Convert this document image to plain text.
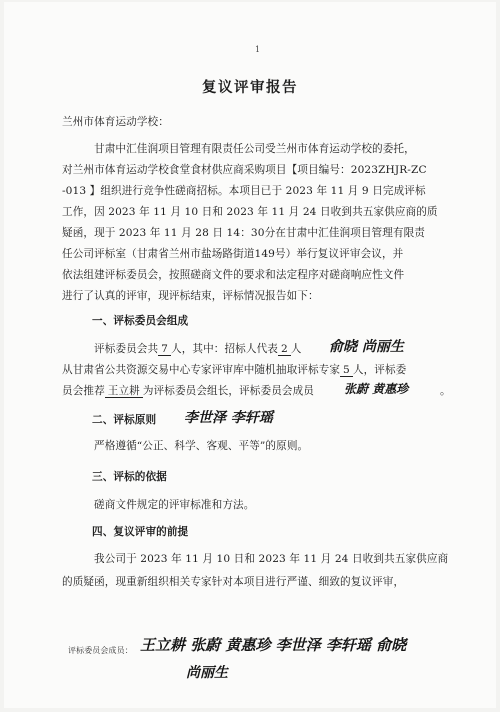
1
复议评审报告
兰州市体育运动学校：
甘肃中汇佳润项目管理有限责任公司受兰州市体育运动学校的委托，
对兰州市体育运动学校食堂食材供应商采购项目【项目编号：2023ZHJR-ZC
-013 】组织进行竞争性磋商招标。本项目已于 2023 年 11 月 9 日完成评标
工作，因 2023 年 11 月 10 日和 2023 年 11 月 24 日收到共五家供应商的质
疑函，现于 2023 年 11 月 28 日 14：30分在甘肃中汇佳润项目管理有限责
任公司评标室（甘肃省兰州市盐场路街道149号）举行复议评审会议，并
依法组建评标委员会，按照磋商文件的要求和法定程序对磋商响应性文件
进行了认真的评审，现评标结束，评标情况报告如下：
一、评标委员会组成
评标委员会共 7 人，其中：招标人代表 2 人 俞晓 尚丽生
从甘肃省公共资源交易中心专家评审库中随机抽取评标专家 5 人，评标委
员会推荐 王立耕 为评标委员会组长，评标委员会成员	张蔚 黄惠珍	。
二、评标原则 李世泽 李轩瑶
严格遵循“公正、科学、客观、平等”的原则。
三、评标的依据
磋商文件规定的评审标准和方法。
四、复议评审的前提
我公司于 2023 年 11 月 10 日和 2023 年 11 月 24 日收到共五家供应商
的质疑函，现重新组织相关专家针对本项目进行严谨、细致的复议评审，
评标委员会成员： 王立耕 张蔚 黄惠珍 李世泽 李轩瑶 俞晓
尚丽生
